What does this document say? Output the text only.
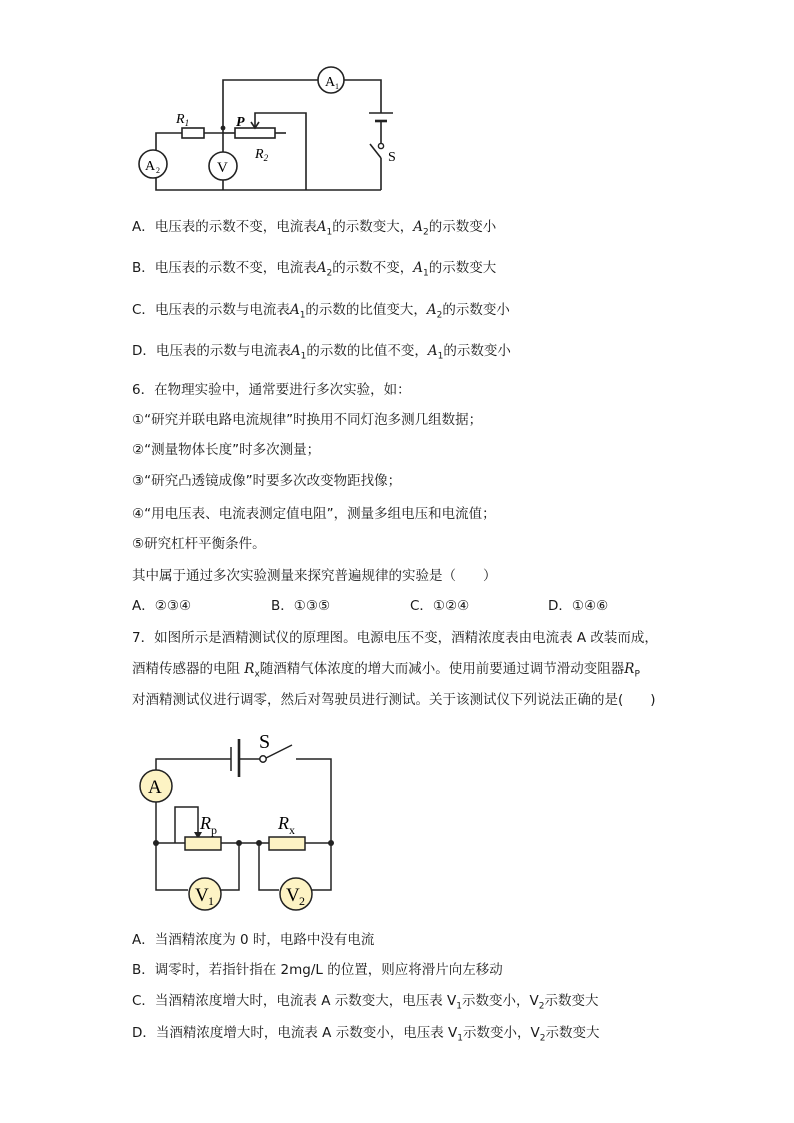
A 1
A 2	V
$R_1$	P
$R_2$	S
A．电压表的示数不变，电流表$A_1$的示数变大，$A_2$的示数变小
B．电压表的示数不变，电流表$A_2$的示数不变，$A_1$的示数变大
C．电压表的示数与电流表$A_1$的示数的比值变大，$A_2$的示数变小
D．电压表的示数与电流表$A_1$的示数的比值不变，$A_1$的示数变小
6．在物理实验中，通常要进行多次实验，如：
①“研究并联电路电流规律”时换用不同灯泡多测几组数据；
②“测量物体长度”时多次测量；
③“研究凸透镜成像”时要多次改变物距找像；
④“用电压表、电流表测定值电阻”，测量多组电压和电流值；
⑤研究杠杆平衡条件。
其中属于通过多次实验测量来探究普遍规律的实验是（　　）
A．②③④	B．①③⑤	C．①②④	D．①④⑥
7．如图所示是酒精测试仪的原理图。电源电压不变，酒精浓度表由电流表 A 改装而成，
酒精传感器的电阻 $R_x$随酒精气体浓度的增大而减小。使用前要通过调节滑动变阻器$R_P$
对酒精测试仪进行调零，然后对驾驶员进行测试。关于该测试仪下列说法正确的是(　　)
S
A
$R_p$	$R_x$
V 1	V 2
A．当酒精浓度为 0 时，电路中没有电流
B．调零时，若指针指在 2mg/L 的位置，则应将滑片向左移动
C．当酒精浓度增大时，电流表 A 示数变大，电压表 $V_1$示数变小，$V_2$示数变大
D．当酒精浓度增大时，电流表 A 示数变小，电压表 $V_1$示数变小，$V_2$示数变大
